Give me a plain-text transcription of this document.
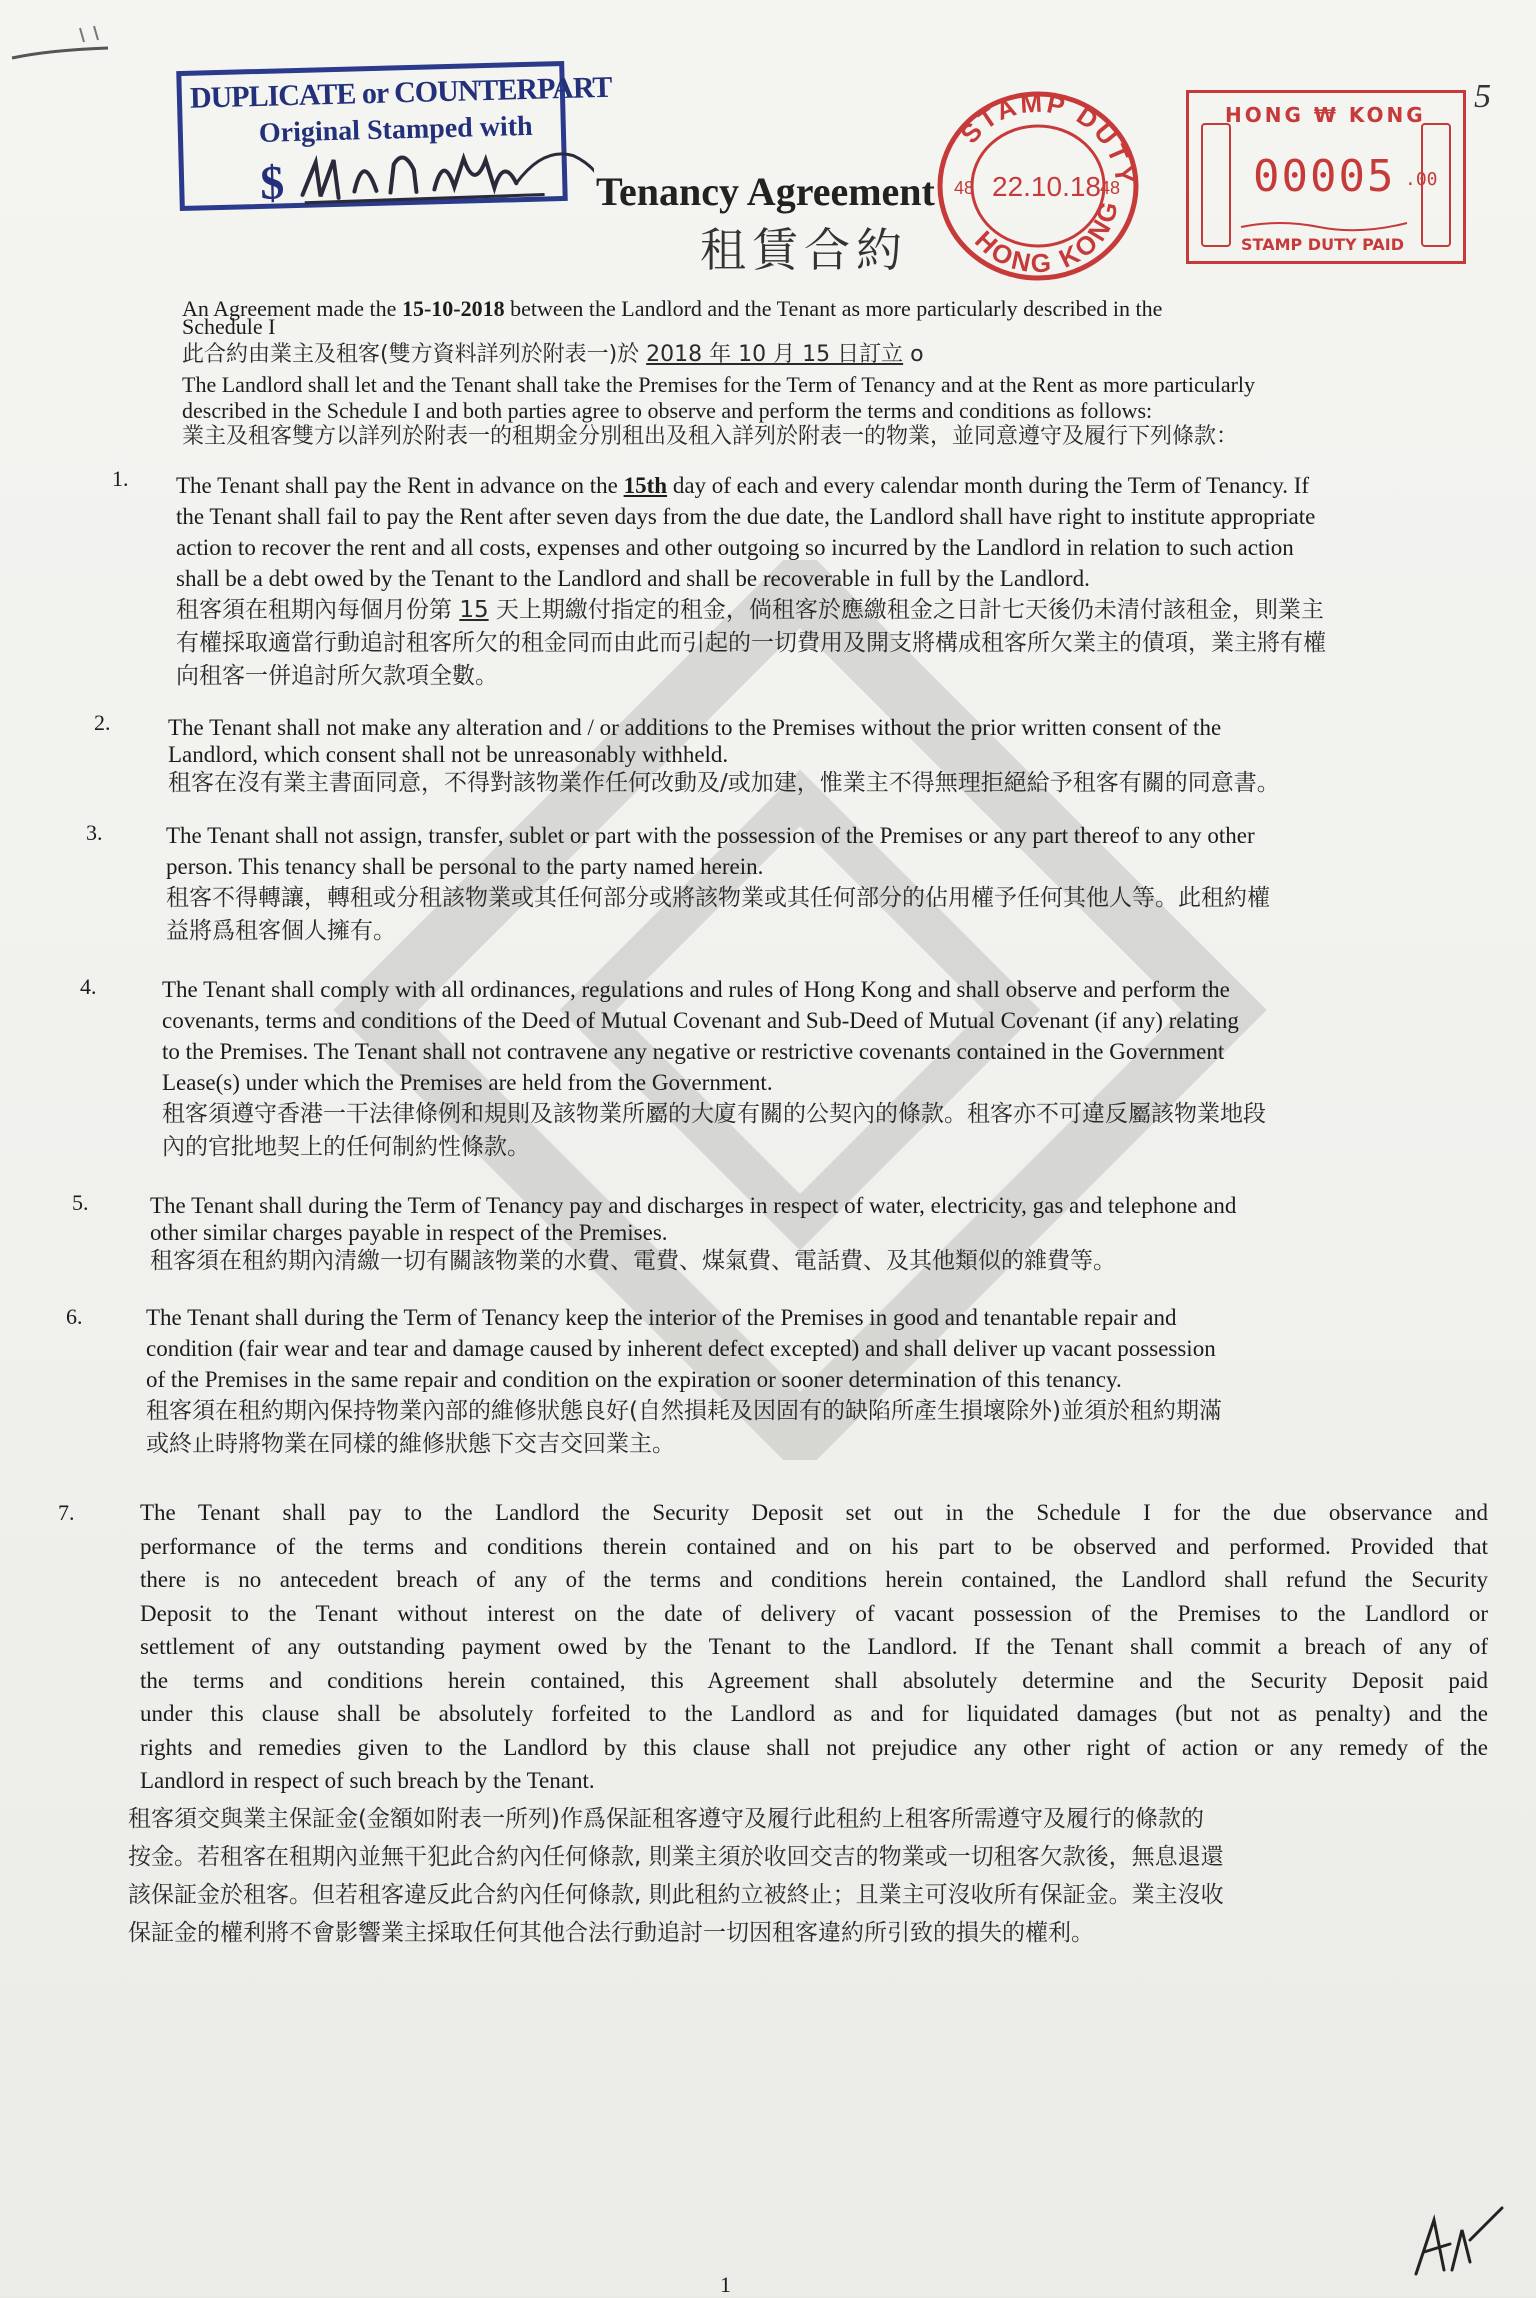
DUPLICATE or COUNTERPART
Original Stamped with
$	Tenancy Agreement
租賃合約
STAMP DUTY
HONG KONG
22.10.18
48	48
HONG ₩ KONG
00005 .00
STAMP DUTY PAID
5
An Agreement made the 15-10-2018 between the Landlord and the Tenant as more particularly described in the
Schedule I
此合約由業主及租客(雙方資料詳列於附表一)於 2018 年 10 月 15 日訂立 o
The Landlord shall let and the Tenant shall take the Premises for the Term of Tenancy and at the Rent as more particularly
described in the Schedule I and both parties agree to observe and perform the terms and conditions as follows:
業主及租客雙方以詳列於附表一的租期金分別租出及租入詳列於附表一的物業，並同意遵守及履行下列條款：
1. The Tenant shall pay the Rent in advance on the 15th day of each and every calendar month during the Term of Tenancy. If
the Tenant shall fail to pay the Rent after seven days from the due date, the Landlord shall have right to institute appropriate
action to recover the rent and all costs, expenses and other outgoing so incurred by the Landlord in relation to such action
shall be a debt owed by the Tenant to the Landlord and shall be recoverable in full by the Landlord.
租客須在租期內每個月份第 15 天上期繳付指定的租金，倘租客於應繳租金之日計七天後仍未清付該租金，則業主
有權採取適當行動追討租客所欠的租金同而由此而引起的一切費用及開支將構成租客所欠業主的債項，業主將有權
向租客一併追討所欠款項全數。
2.	The Tenant shall not make any alteration and / or additions to the Premises without the prior written consent of the
Landlord, which consent shall not be unreasonably withheld.
租客在沒有業主書面同意，不得對該物業作任何改動及/或加建，惟業主不得無理拒絕給予租客有關的同意書。
3.	The Tenant shall not assign, transfer, sublet or part with the possession of the Premises or any part thereof to any other
person. This tenancy shall be personal to the party named herein.
租客不得轉讓，轉租或分租該物業或其任何部分或將該物業或其任何部分的佔用權予任何其他人等。此租約權
益將爲租客個人擁有。
4.	The Tenant shall comply with all ordinances, regulations and rules of Hong Kong and shall observe and perform the
covenants, terms and conditions of the Deed of Mutual Covenant and Sub-Deed of Mutual Covenant (if any) relating
to the Premises. The Tenant shall not contravene any negative or restrictive covenants contained in the Government
Lease(s) under which the Premises are held from the Government.
租客須遵守香港一干法律條例和規則及該物業所屬的大廈有關的公契內的條款。租客亦不可違反屬該物業地段
內的官批地契上的任何制約性條款。
5.	The Tenant shall during the Term of Tenancy pay and discharges in respect of water, electricity, gas and telephone and
other similar charges payable in respect of the Premises.
租客須在租約期內清繳一切有關該物業的水費、電費、煤氣費、電話費、及其他類似的雜費等。
6.	The Tenant shall during the Term of Tenancy keep the interior of the Premises in good and tenantable repair and
condition (fair wear and tear and damage caused by inherent defect excepted) and shall deliver up vacant possession
of the Premises in the same repair and condition on the expiration or sooner determination of this tenancy.
租客須在租約期內保持物業內部的維修狀態良好(自然損耗及因固有的缺陷所產生損壞除外)並須於租約期滿
或終止時將物業在同樣的維修狀態下交吉交回業主。
7.	The Tenant shall pay to the Landlord the Security Deposit set out in the Schedule I for the due observance and
performance of the terms and conditions therein contained and on his part to be observed and performed. Provided that
there is no antecedent breach of any of the terms and conditions herein contained, the Landlord shall refund the Security
Deposit to the Tenant without interest on the date of delivery of vacant possession of the Premises to the Landlord or
settlement of any outstanding payment owed by the Tenant to the Landlord. If the Tenant shall commit a breach of any of
the terms and conditions herein contained, this Agreement shall absolutely determine and the Security Deposit paid
under this clause shall be absolutely forfeited to the Landlord as and for liquidated damages (but not as penalty) and the
rights and remedies given to the Landlord by this clause shall not prejudice any other right of action or any remedy of the
Landlord in respect of such breach by the Tenant.
租客須交與業主保証金(金額如附表一所列)作爲保証租客遵守及履行此租約上租客所需遵守及履行的條款的
按金。若租客在租期內並無干犯此合約內任何條款, 則業主須於收回交吉的物業或一切租客欠款後，無息退還
該保証金於租客。但若租客違反此合約內任何條款, 則此租約立被終止；且業主可沒收所有保証金。業主沒收
保証金的權利將不會影響業主採取任何其他合法行動追討一切因租客違約所引致的損失的權利。
1
